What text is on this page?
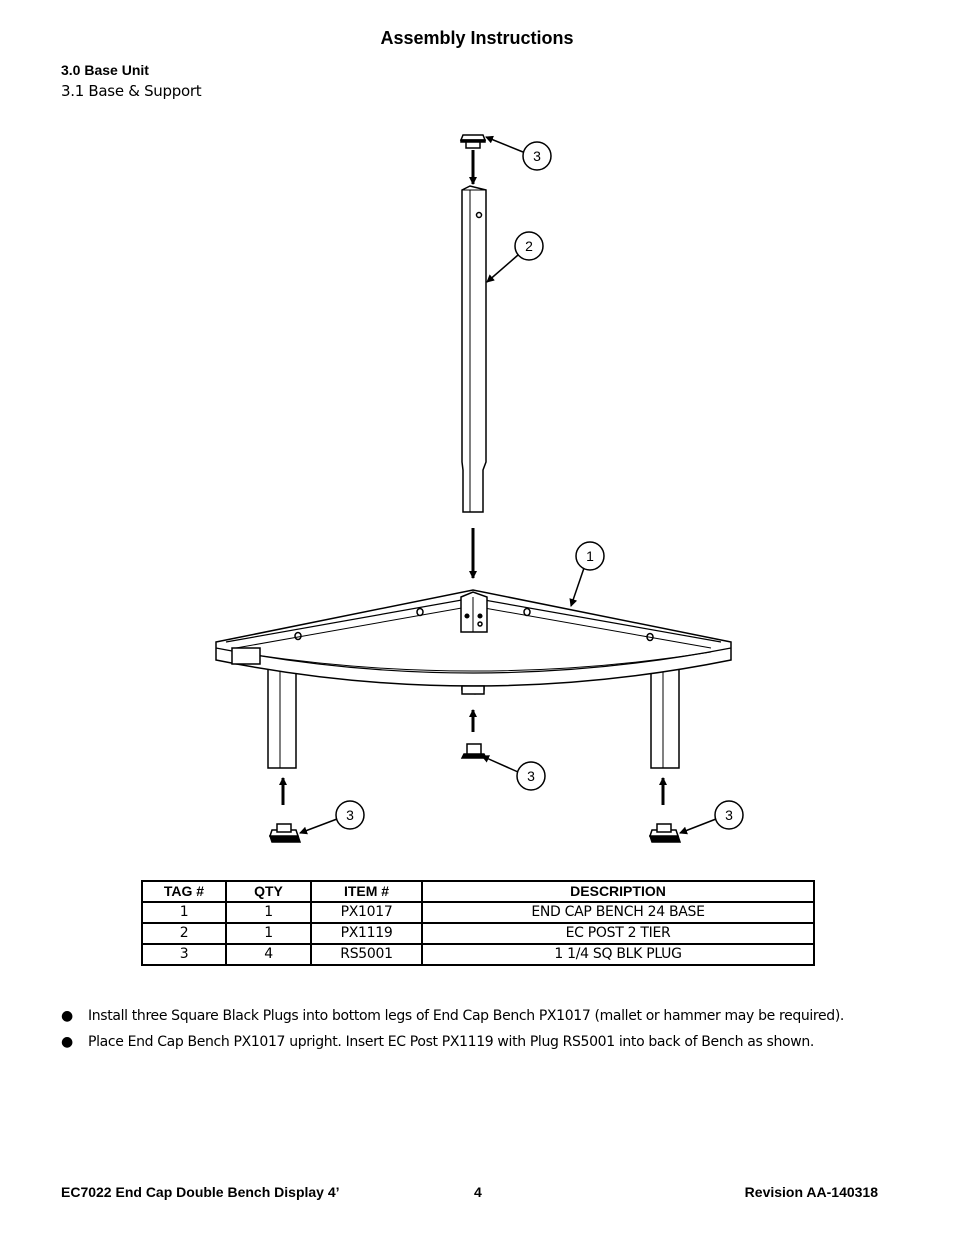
Assembly Instructions
3.0 Base Unit
3.1 Base & Support
3
2
1
3
3	3
TAG #	QTY	ITEM #	DESCRIPTION
1	1	PX1017	END CAP BENCH 24 BASE
2	1	PX1119	EC POST 2 TIER
3	4	RS5001	1 1/4 SQ BLK PLUG
● Install three Square Black Plugs into bottom legs of End Cap Bench PX1017 (mallet or hammer may be required).
● Place End Cap Bench PX1017 upright. Insert EC Post PX1119 with Plug RS5001 into back of Bench as shown.
EC7022 End Cap Double Bench Display 4’	4	Revision AA-140318
